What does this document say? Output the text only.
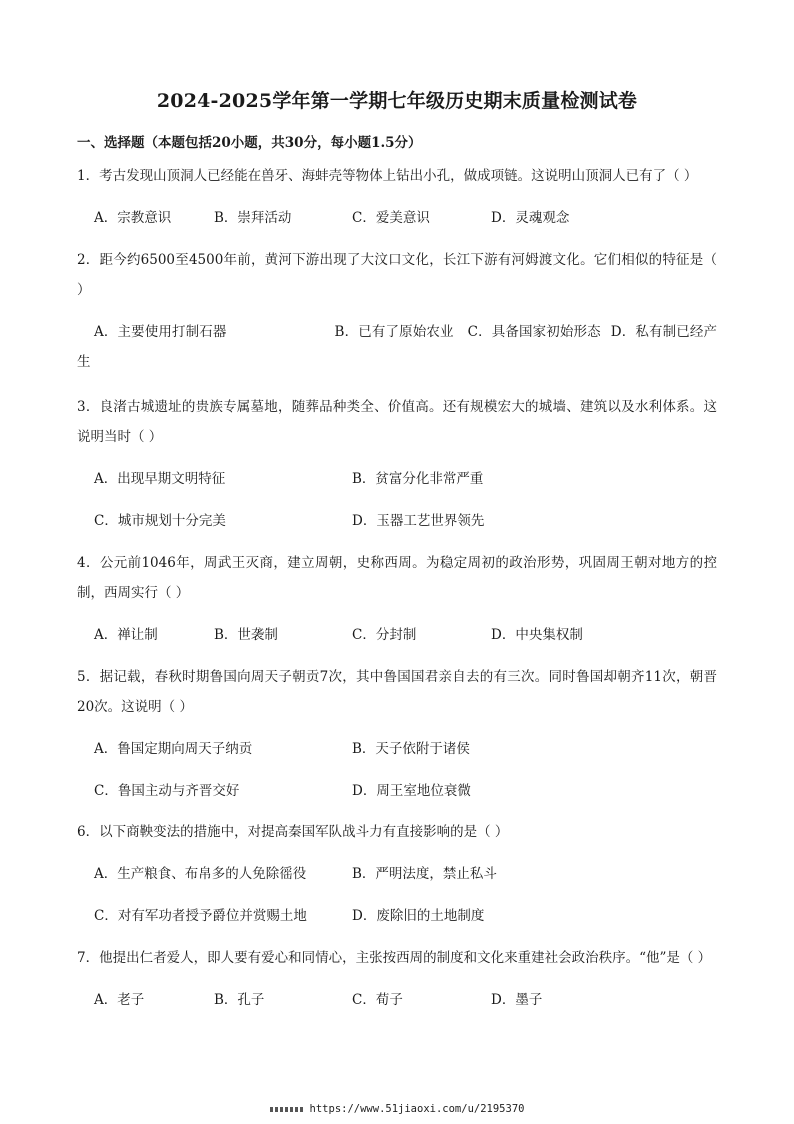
2024-2025学年第一学期七年级历史期末质量检测试卷
一、选择题（本题包括20小题，共30分，每小题1.5分）
1．考古发现山顶洞人已经能在兽牙、海蚌壳等物体上钻出小孔，做成项链。这说明山顶洞人已有了（ ）
A．宗教意识	B．崇拜活动	C．爱美意识	D．灵魂观念
2．距今约6500至4500年前，黄河下游出现了大汶口文化，长江下游有河姆渡文化。它们相似的特征是（ ）
A．主要使用打制石器	B．已有了原始农业 C．具备国家初始形态 D．私有制已经产生
3．良渚古城遗址的贵族专属墓地，随葬品种类全、价值高。还有规模宏大的城墙、建筑以及水利体系。这说明当时（ ）
A．出现早期文明特征	B．贫富分化非常严重
C．城市规划十分完美	D．玉器工艺世界领先
4．公元前1046年，周武王灭商，建立周朝，史称西周。为稳定周初的政治形势，巩固周王朝对地方的控制，西周实行（ ）
A．禅让制	B．世袭制	C．分封制	D．中央集权制
5．据记载，春秋时期鲁国向周天子朝贡7次，其中鲁国国君亲自去的有三次。同时鲁国却朝齐11次，朝晋20次。这说明（ ）
A．鲁国定期向周天子纳贡	B．天子依附于诸侯
C．鲁国主动与齐晋交好	D．周王室地位衰微
6．以下商鞅变法的措施中，对提高秦国军队战斗力有直接影响的是（ ）
A．生产粮食、布帛多的人免除徭役	B．严明法度，禁止私斗
C．对有军功者授予爵位并赏赐土地	D．废除旧的土地制度
7．他提出仁者爱人，即人要有爱心和同情心，主张按西周的制度和文化来重建社会政治秩序。“他”是（ ）
A．老子	B．孔子	C．荀子	D．墨子
https://www.51jiaoxi.com/u/2195370
